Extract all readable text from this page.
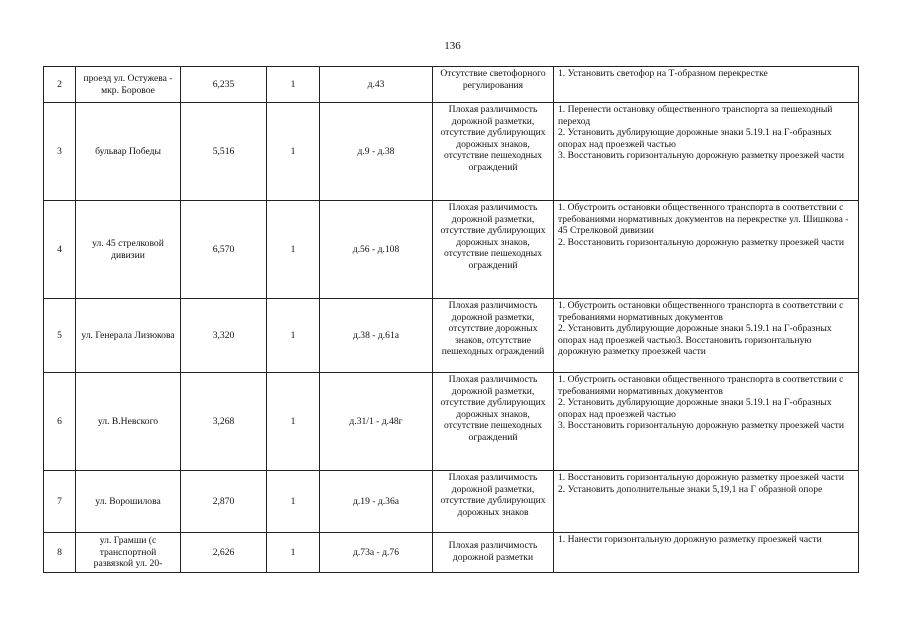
136
2	проезд ул. Остужева - мкр. Боровое	6,235	1	д.43	Отсутствие светофорного регулирования	1. Установить светофор на Т-образном перекрестке

3	бульвар Победы	5,516	1	д.9 - д.38	Плохая различимость дорожной разметки, отсутствие дублирующих дорожных знаков, отсутствие пешеходных ограждений	1. Перенести остановку общественного транспорта за пешеходный переход
2. Установить дублирующие дорожные знаки 5.19.1 на Г-образных опорах над проезжей частью
3. Восстановить горизонтальную дорожную разметку проезжей части

4	ул. 45 стрелковой дивизии	6,570	1	д.56 - д.108	Плохая различимость дорожной разметки, отсутствие дублирующих дорожных знаков, отсутствие пешеходных ограждений	1. Обустроить остановки общественного транспорта в соответствии с требованиями нормативных документов на перекрестке ул. Шишкова - 45 Стрелковой дивизии
2. Восстановить горизонтальную дорожную разметку проезжей части

5	ул. Генерала Лизюкова	3,320	1	д.38 - д.61а	Плохая различимость дорожной разметки, отсутствие дорожных знаков, отсутствие пешеходных ограждений	1. Обустроить остановки общественного транспорта в соответствии с требованиями нормативных документов
2. Установить дублирующие дорожные знаки 5.19.1 на Г-образных опорах над проезжей частью3. Восстановить горизонтальную дорожную разметку проезжей части

6	ул. В.Невского	3,268	1	д.31/1 - д.48г	Плохая различимость дорожной разметки, отсутствие дублирующих дорожных знаков, отсутствие пешеходных ограждений	1. Обустроить остановки общественного транспорта в соответствии с требованиями нормативных документов
2. Установить дублирующие дорожные знаки 5.19.1 на Г-образных опорах над проезжей частью
3. Восстановить горизонтальную дорожную разметку проезжей части

7	ул. Ворошилова	2,870	1	д.19 - д.36а	Плохая различимость дорожной разметки, отсутствие дублирующих дорожных знаков	1. Восстановить горизонтальную дорожную разметку проезжей части
2. Установить дополнительные знаки 5,19,1 на Г образной опоре

8	ул. Грамши (с транспортной развязкой ул. 20-	2,626	1	д.73а - д.76	Плохая различимость дорожной разметки	1. Нанести горизонтальную дорожную разметку проезжей части
